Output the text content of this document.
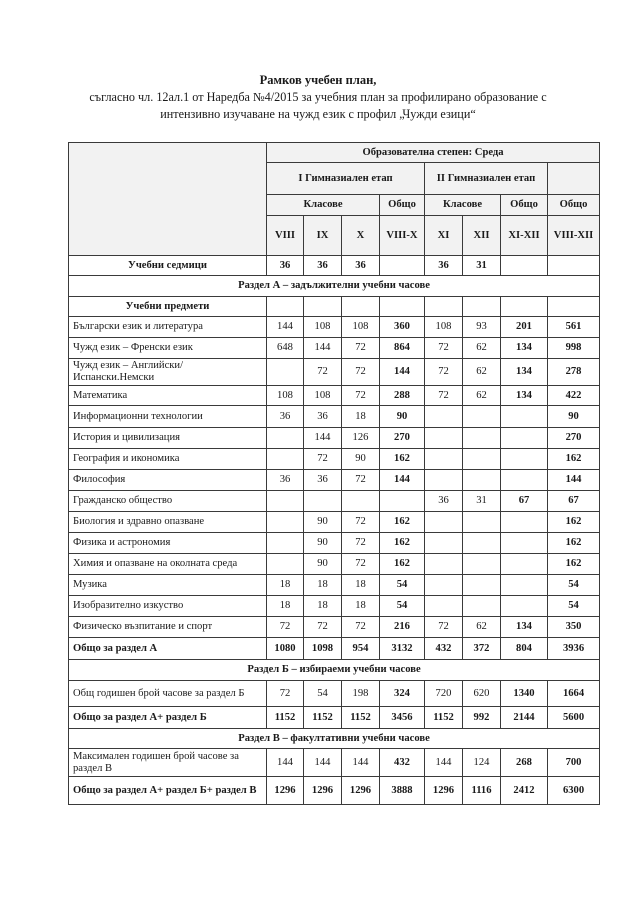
Рамков учебен план,
съгласно чл. 12ал.1 от Наредба №4/2015 за учебния план за профилирано образование с
интензивно изучаване на чужд език с профил „Чужди езици“
	Образователна степен: Среда							
	I Гимназиален етап				II Гимназиален етап			
	Класове			Общо	Класове		Общо	Общо
	VIII	IX	X	VIII-X	XI	XII	XI-XII	VIII-XII
Учебни седмици	36	36	36		36	31		
Раздел А – задължителни учебни часове								
Учебни предмети								
Български език и литература	144	108	108	360	108	93	201	561
Чужд език – Френски език	648	144	72	864	72	62	134	998
Чужд език – Английски/Испански.Немски		72	72	144	72	62	134	278
Математика	108	108	72	288	72	62	134	422
Информационни технологии	36	36	18	90				90
История и цивилизация		144	126	270				270
География и икономика		72	90	162				162
Философия	36	36	72	144				144
Гражданско общество					36	31	67	67
Биология и здравно опазване		90	72	162				162
Физика и астрономия		90	72	162				162
Химия и опазване на околната среда		90	72	162				162
Музика	18	18	18	54				54
Изобразително изкуство	18	18	18	54				54
Физическо възпитание и спорт	72	72	72	216	72	62	134	350
Общо за раздел А	1080	1098	954	3132	432	372	804	3936
Раздел Б – избираеми учебни часове								
Общ годишен брой часове за раздел Б	72	54	198	324	720	620	1340	1664
Общо за раздел А+ раздел Б	1152	1152	1152	3456	1152	992	2144	5600
Раздел В – факултативни учебни часове								
Максимален годишен брой часове за раздел В	144	144	144	432	144	124	268	700
Общо за раздел А+ раздел Б+ раздел В	1296	1296	1296	3888	1296	1116	2412	6300
